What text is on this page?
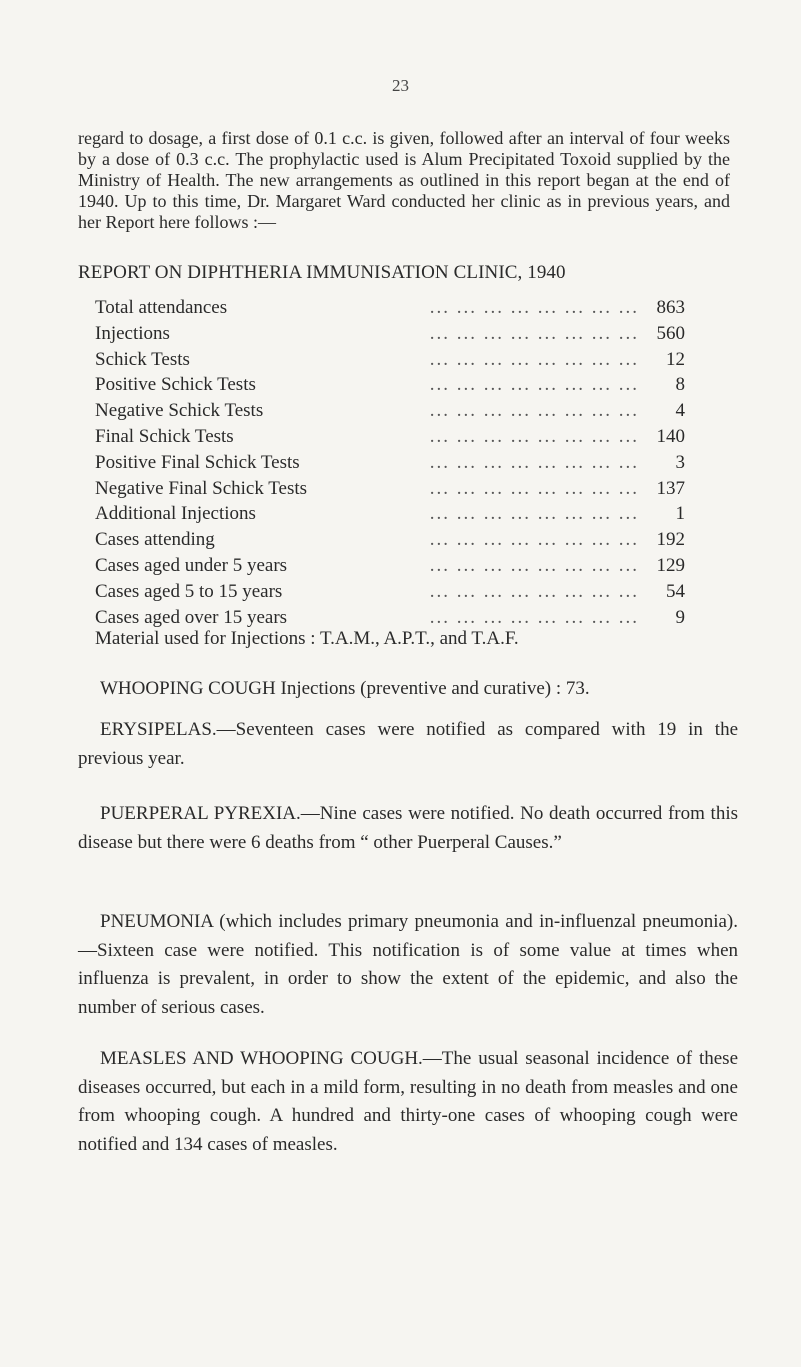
23

regard to dosage, a first dose of 0.1 c.c. is given, followed after an interval of four weeks by a dose of 0.3 c.c. The prophylactic used is Alum Precipitated Toxoid supplied by the Ministry of Health. The new arrangements as outlined in this report began at the end of 1940. Up to this time, Dr. Margaret Ward conducted her clinic as in previous years, and her Report here follows :—

REPORT ON DIPHTHERIA IMMUNISATION CLINIC, 1940
Total attendances	... ... ... ... ... ... ... ... 863
Injections	... ... ... ... ... ... ... ... 560
Schick Tests	... ... ... ... ... ... ... ...	12
Positive Schick Tests	... ... ... ... ... ... ... ...	8
Negative Schick Tests	... ... ... ... ... ... ... ...	4
Final Schick Tests	... ... ... ... ... ... ... ... 140
Positive Final Schick Tests	... ... ... ... ... ... ... ...	3
Negative Final Schick Tests	... ... ... ... ... ... ... ... 137
Additional Injections	... ... ... ... ... ... ... ...	1
Cases attending	... ... ... ... ... ... ... ... 192
Cases aged under 5 years	... ... ... ... ... ... ... ... 129
Cases aged 5 to 15 years	... ... ... ... ... ... ... ...	54
Cases aged over 15 years	... ... ... ... ... ... ... ...	9

Material used for Injections : T.A.M., A.P.T., and T.A.F.

WHOOPING COUGH Injections (preventive and curative) : 73.

ERYSIPELAS.—Seventeen cases were notified as compared with 19 in the previous year.

PUERPERAL PYREXIA.—Nine cases were notified. No death occurred from this disease but there were 6 deaths from “ other Puerperal Causes.”

PNEUMONIA (which includes primary pneumonia and in-influenzal pneumonia).—Sixteen case were notified. This notification is of some value at times when influenza is prevalent, in order to show the extent of the epidemic, and also the number of serious cases.

MEASLES AND WHOOPING COUGH.—The usual seasonal incidence of these diseases occurred, but each in a mild form, resulting in no death from measles and one from whooping cough. A hundred and thirty-one cases of whooping cough were notified and 134 cases of measles.
